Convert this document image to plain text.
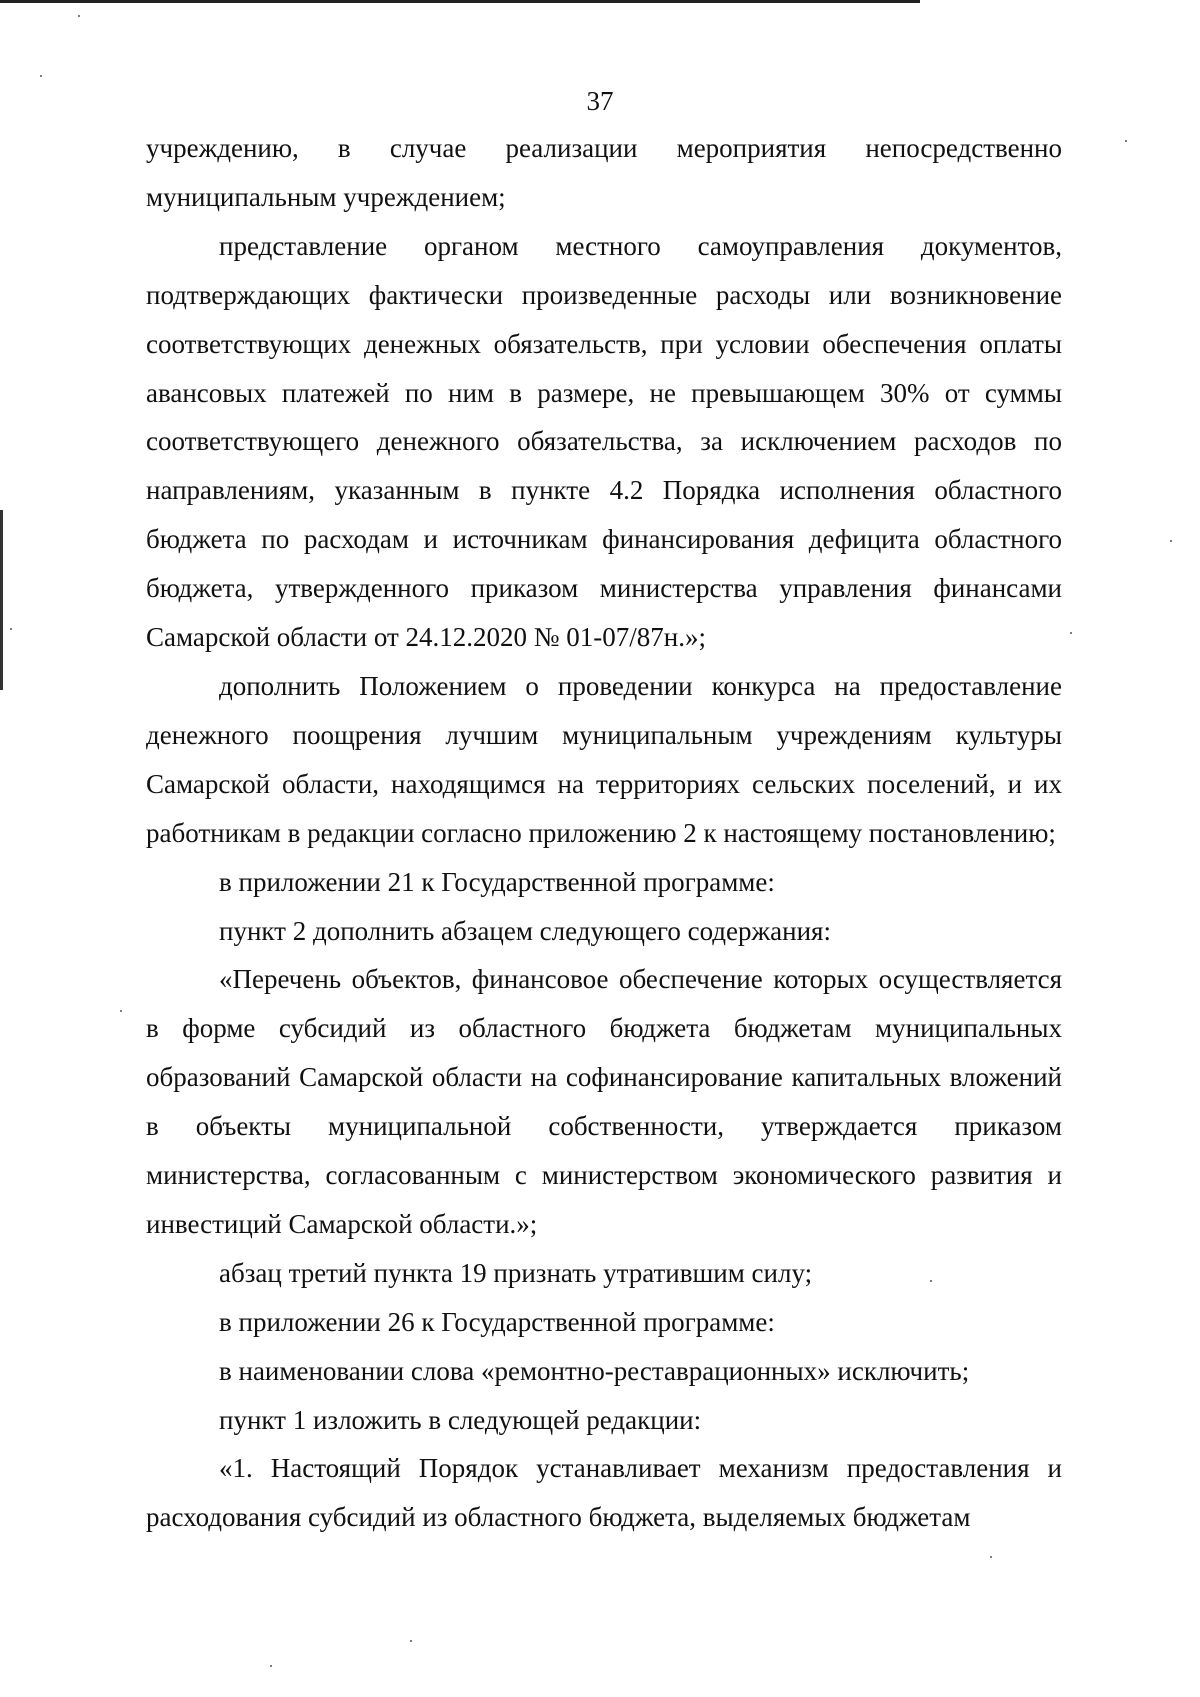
37

учреждению, в случае реализации мероприятия непосредственно муниципальным учреждением;

представление органом местного самоуправления документов, подтверждающих фактически произведенные расходы или возникновение соответствующих денежных обязательств, при условии обеспечения оплаты авансовых платежей по ним в размере, не превышающем 30% от суммы соответствующего денежного обязательства, за исключением расходов по направлениям, указанным в пункте 4.2 Порядка исполнения областного бюджета по расходам и источникам финансирования дефицита областного бюджета, утвержденного приказом министерства управления финансами Самарской области от 24.12.2020 № 01-07/87н.»;

дополнить Положением о проведении конкурса на предоставление денежного поощрения лучшим муниципальным учреждениям культуры Самарской области, находящимся на территориях сельских поселений, и их работникам в редакции согласно приложению 2 к настоящему постановлению;

в приложении 21 к Государственной программе:

пункт 2 дополнить абзацем следующего содержания:

«Перечень объектов, финансовое обеспечение которых осуществляется в форме субсидий из областного бюджета бюджетам муниципальных образований Самарской области на софинансирование капитальных вложений в объекты муниципальной собственности, утверждается приказом министерства, согласованным с министерством экономического развития и инвестиций Самарской области.»;

абзац третий пункта 19 признать утратившим силу;

в приложении 26 к Государственной программе:

в наименовании слова «ремонтно-реставрационных» исключить;

пункт 1 изложить в следующей редакции:

«1. Настоящий Порядок устанавливает механизм предоставления и расходования субсидий из областного бюджета, выделяемых бюджетам
